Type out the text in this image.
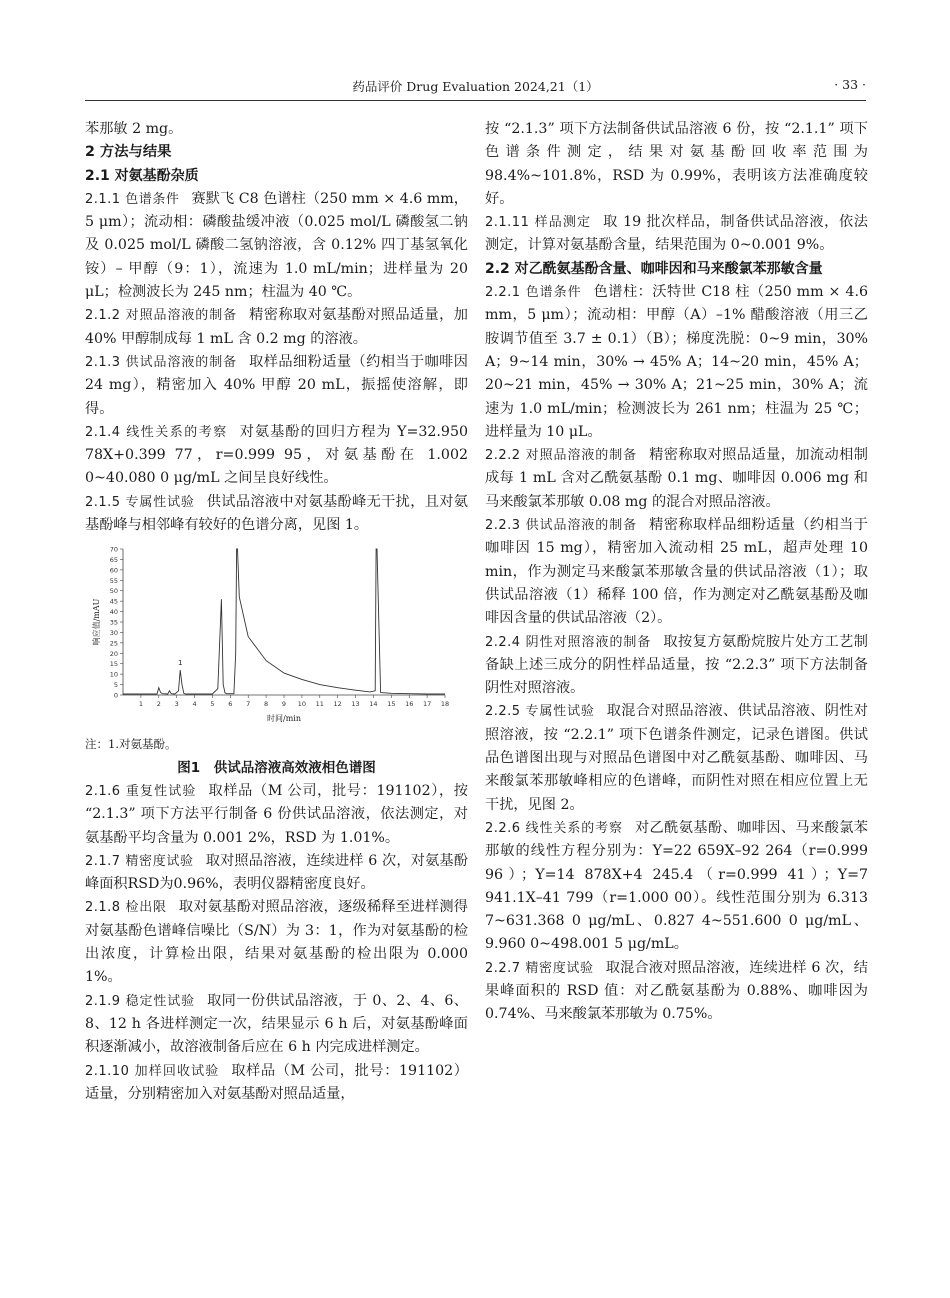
药品评价 Drug Evaluation 2024,21（1）	· 33 ·

苯那敏 2 mg。

2 方法与结果

2.1 对氨基酚杂质

2.1.1 色谱条件 赛默飞 C8 色谱柱（250 mm × 4.6 mm，5 μm）；流动相：磷酸盐缓冲液（0.025 mol/L 磷酸氢二钠及 0.025 mol/L 磷酸二氢钠溶液，含 0.12% 四丁基氢氧化铵）– 甲醇（9：1），流速为 1.0 mL/min；进样量为 20 μL；检测波长为 245 nm；柱温为 40 ℃。

2.1.2 对照品溶液的制备 精密称取对氨基酚对照品适量，加 40% 甲醇制成每 1 mL 含 0.2 mg 的溶液。

2.1.3 供试品溶液的制备 取样品细粉适量（约相当于咖啡因 24 mg），精密加入 40% 甲醇 20 mL，振摇使溶解，即得。

2.1.4 线性关系的考察 对氨基酚的回归方程为 Y=32.950 78X+0.399 77，r=0.999 95，对氨基酚在 1.002 0~40.080 0 μg/mL 之间呈良好线性。

2.1.5 专属性试验 供试品溶液中对氨基酚峰无干扰，且对氨基酚峰与相邻峰有较好的色谱分离，见图 1。

0
5
10
15
20
25
30
35
40
45
50
55
60
65
70
1 2 3 4 5 6 7 8 9 10 11 12 13 14 15 16 17 18
1
时间/min
响应值/mAU
注：1.对氨基酚。
图1　供试品溶液高效液相色谱图

2.1.6 重复性试验 取样品（M 公司，批号：191102），按 “2.1.3” 项下方法平行制备 6 份供试品溶液，依法测定，对氨基酚平均含量为 0.001 2%，RSD 为 1.01%。

2.1.7 精密度试验 取对照品溶液，连续进样 6 次，对氨基酚峰面积RSD为0.96%，表明仪器精密度良好。

2.1.8 检出限 取对氨基酚对照品溶液，逐级稀释至进样测得对氨基酚色谱峰信噪比（S/N）为 3：1，作为对氨基酚的检出浓度，计算检出限，结果对氨基酚的检出限为 0.000 1%。

2.1.9 稳定性试验 取同一份供试品溶液，于 0、2、4、6、8、12 h 各进样测定一次，结果显示 6 h 后，对氨基酚峰面积逐渐减小，故溶液制备后应在 6 h 内完成进样测定。

2.1.10 加样回收试验 取样品（M 公司，批号：191102）适量，分别精密加入对氨基酚对照品适量，

按 “2.1.3” 项下方法制备供试品溶液 6 份，按 “2.1.1” 项下色谱条件测定，结果对氨基酚回收率范围为 98.4%~101.8%，RSD 为 0.99%，表明该方法准确度较好。

2.1.11 样品测定 取 19 批次样品，制备供试品溶液，依法测定，计算对氨基酚含量，结果范围为 0~0.001 9%。

2.2 对乙酰氨基酚含量、咖啡因和马来酸氯苯那敏含量

2.2.1 色谱条件 色谱柱：沃特世 C18 柱（250 mm × 4.6 mm，5 μm）；流动相：甲醇（A）–1% 醋酸溶液（用三乙胺调节值至 3.7 ± 0.1）（B）；梯度洗脱：0~9 min，30% A；9~14 min，30% → 45% A；14~20 min，45% A；20~21 min，45% → 30% A；21~25 min，30% A；流速为 1.0 mL/min；检测波长为 261 nm；柱温为 25 ℃；进样量为 10 μL。

2.2.2 对照品溶液的制备 精密称取对照品适量，加流动相制成每 1 mL 含对乙酰氨基酚 0.1 mg、咖啡因 0.006 mg 和马来酸氯苯那敏 0.08 mg 的混合对照品溶液。

2.2.3 供试品溶液的制备 精密称取样品细粉适量（约相当于咖啡因 15 mg），精密加入流动相 25 mL，超声处理 10 min，作为测定马来酸氯苯那敏含量的供试品溶液（1）；取供试品溶液（1）稀释 100 倍，作为测定对乙酰氨基酚及咖啡因含量的供试品溶液（2）。

2.2.4 阴性对照溶液的制备 取按复方氨酚烷胺片处方工艺制备缺上述三成分的阴性样品适量，按 “2.2.3” 项下方法制备阴性对照溶液。

2.2.5 专属性试验 取混合对照品溶液、供试品溶液、阴性对照溶液，按 “2.2.1” 项下色谱条件测定，记录色谱图。供试品色谱图出现与对照品色谱图中对乙酰氨基酚、咖啡因、马来酸氯苯那敏峰相应的色谱峰，而阴性对照在相应位置上无干扰，见图 2。

2.2.6 线性关系的考察 对乙酰氨基酚、咖啡因、马来酸氯苯那敏的线性方程分别为：Y=22 659X–92 264（r=0.999 96）；Y=14 878X+4 245.4（r=0.999 41）；Y=7 941.1X–41 799（r=1.000 00）。线性范围分别为 6.313 7~631.368 0 μg/mL、0.827 4~551.600 0 μg/mL、9.960 0~498.001 5 μg/mL。

2.2.7 精密度试验 取混合液对照品溶液，连续进样 6 次，结果峰面积的 RSD 值：对乙酰氨基酚为 0.88%、咖啡因为 0.74%、马来酸氯苯那敏为 0.75%。
